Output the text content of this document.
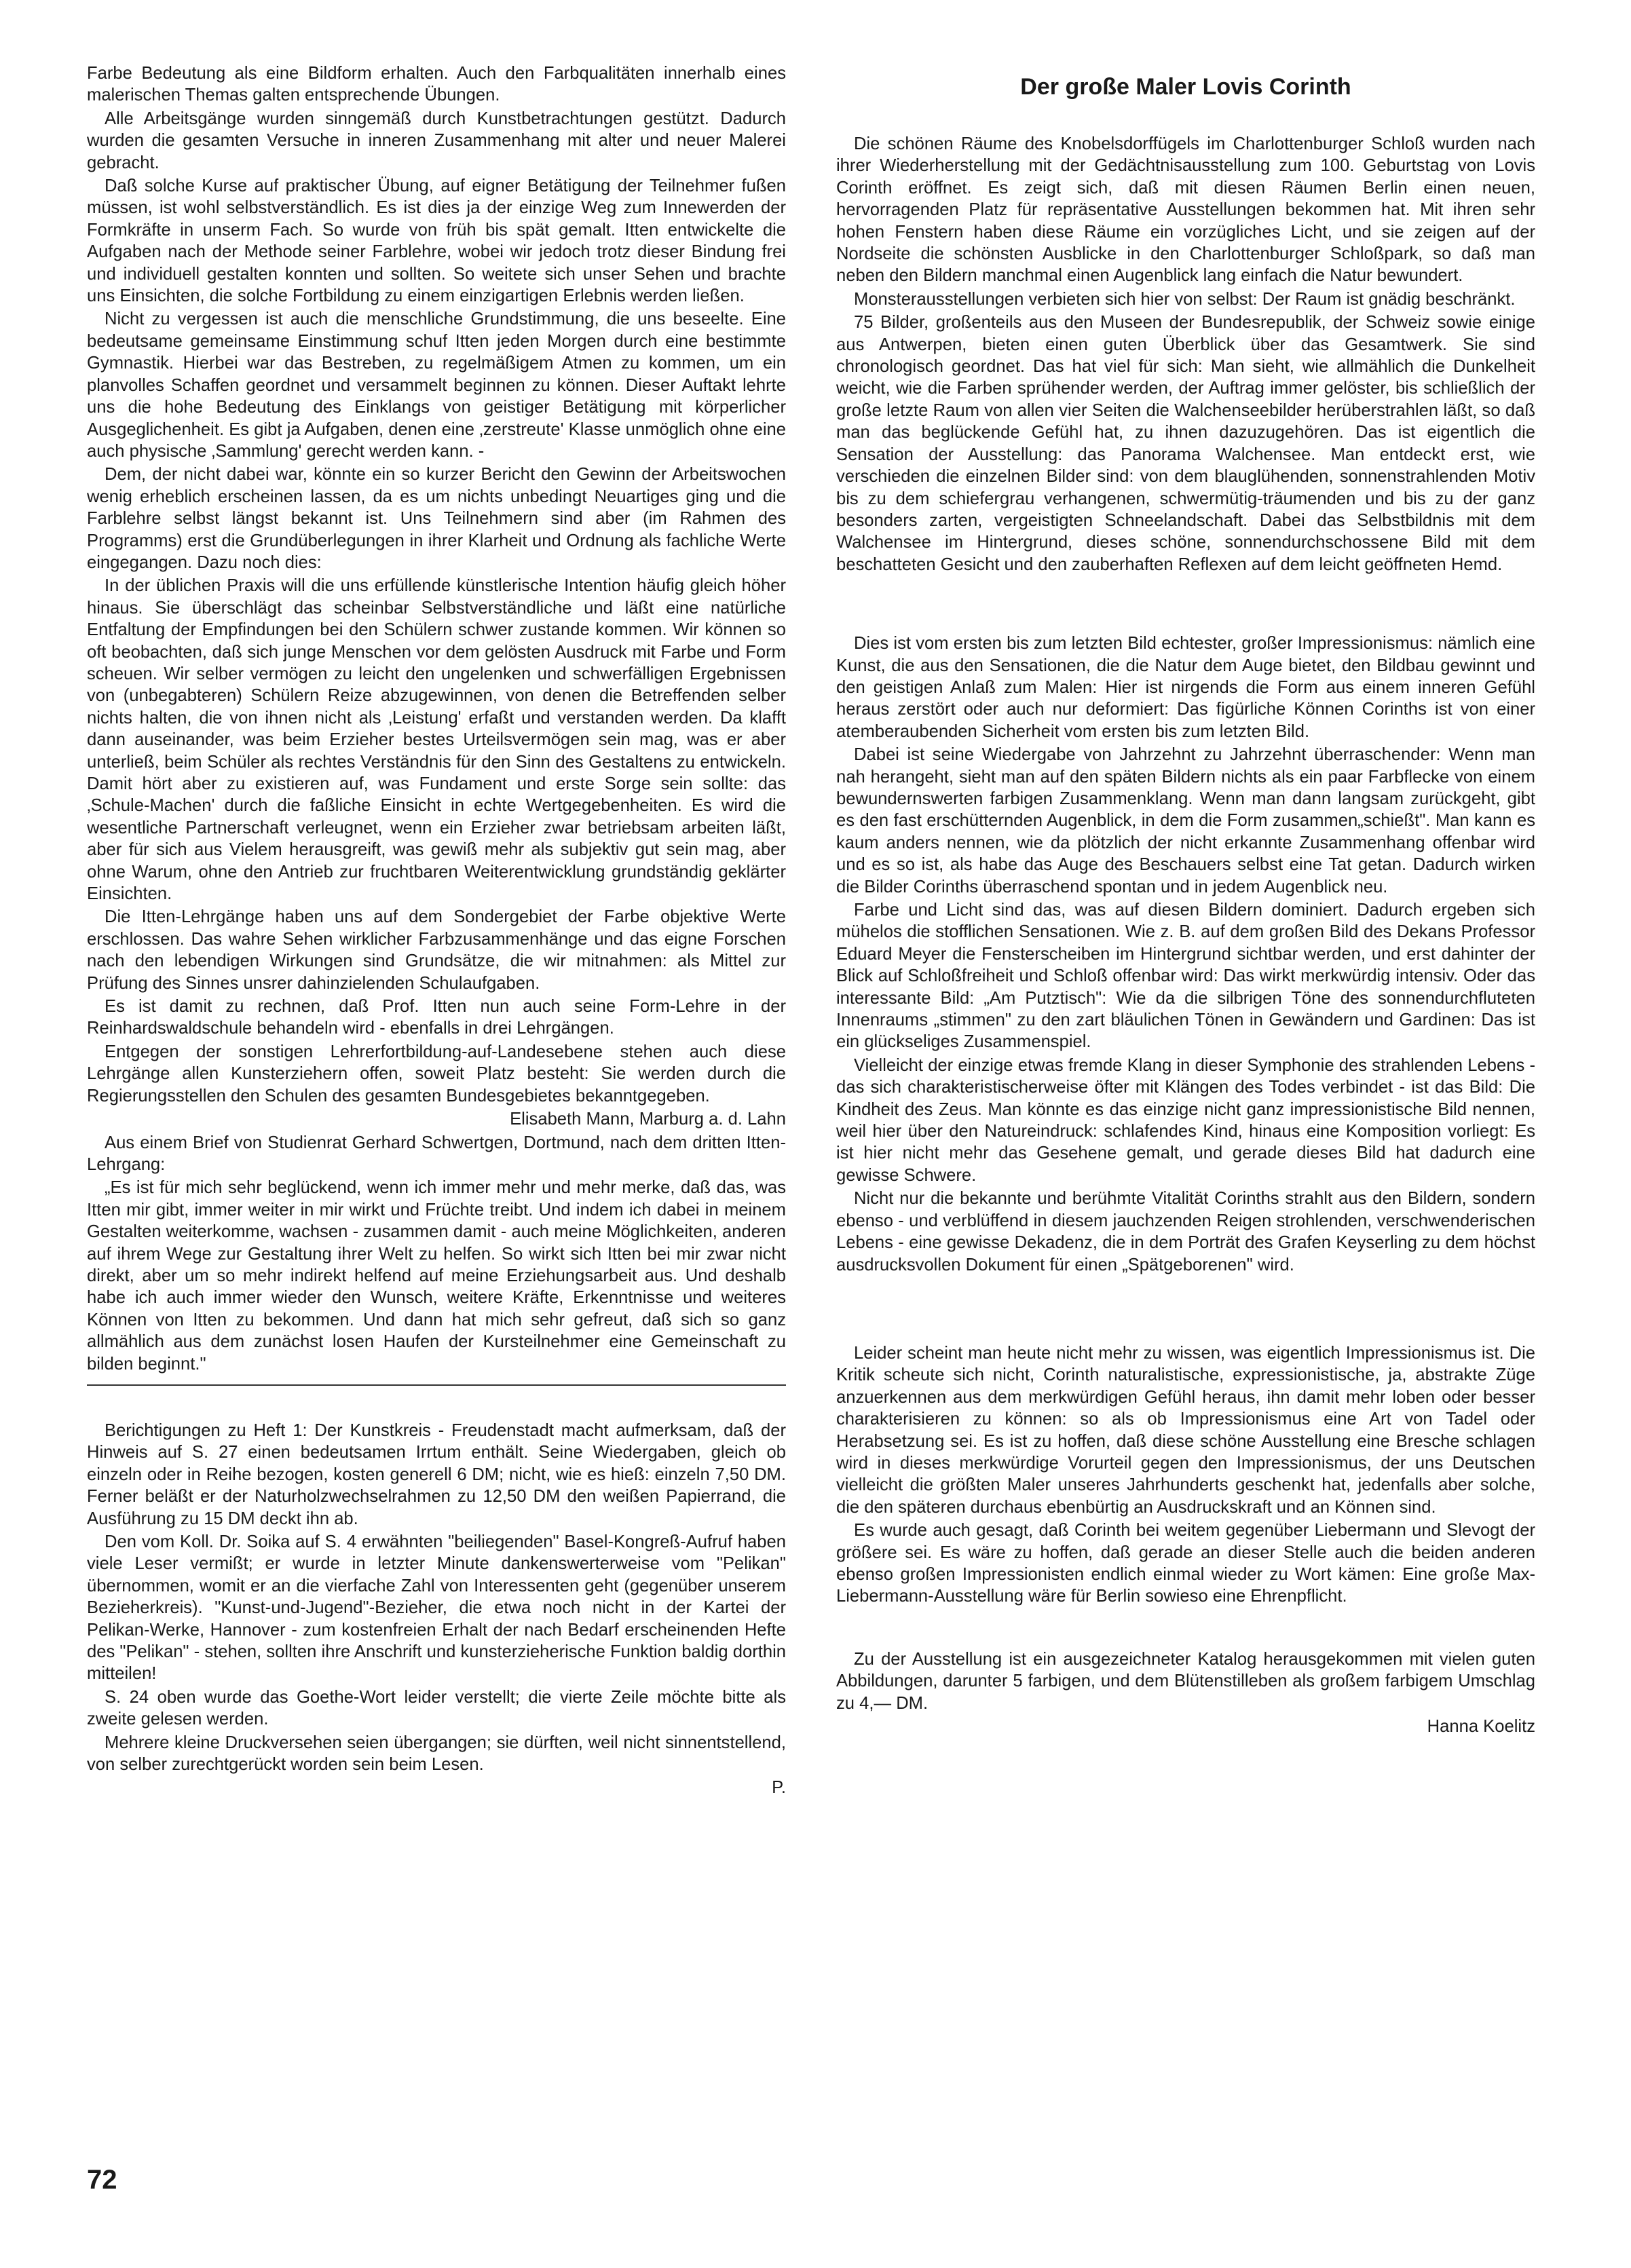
Farbe Bedeutung als eine Bildform erhalten. Auch den Farbqualitäten innerhalb eines malerischen Themas galten entsprechende Übungen.

Alle Arbeitsgänge wurden sinngemäß durch Kunstbetrachtungen gestützt. Dadurch wurden die gesamten Versuche in inneren Zusammenhang mit alter und neuer Malerei gebracht.

Daß solche Kurse auf praktischer Übung, auf eigner Betätigung der Teilnehmer fußen müssen, ist wohl selbstverständlich. Es ist dies ja der einzige Weg zum Innewerden der Formkräfte in unserm Fach. So wurde von früh bis spät gemalt. Itten entwickelte die Aufgaben nach der Methode seiner Farblehre, wobei wir jedoch trotz dieser Bindung frei und individuell gestalten konnten und sollten. So weitete sich unser Sehen und brachte uns Einsichten, die solche Fortbildung zu einem einzigartigen Erlebnis werden ließen.

Nicht zu vergessen ist auch die menschliche Grundstimmung, die uns beseelte. Eine bedeutsame gemeinsame Einstimmung schuf Itten jeden Morgen durch eine bestimmte Gymnastik. Hierbei war das Bestreben, zu regelmäßigem Atmen zu kommen, um ein planvolles Schaffen geordnet und versammelt beginnen zu können. Dieser Auftakt lehrte uns die hohe Bedeutung des Einklangs von geistiger Betätigung mit körperlicher Ausgeglichenheit. Es gibt ja Aufgaben, denen eine ‚zerstreute' Klasse unmöglich ohne eine auch physische ‚Sammlung' gerecht werden kann. -

Dem, der nicht dabei war, könnte ein so kurzer Bericht den Gewinn der Arbeitswochen wenig erheblich erscheinen lassen, da es um nichts unbedingt Neuartiges ging und die Farblehre selbst längst bekannt ist. Uns Teilnehmern sind aber (im Rahmen des Programms) erst die Grundüberlegungen in ihrer Klarheit und Ordnung als fachliche Werte eingegangen. Dazu noch dies:

In der üblichen Praxis will die uns erfüllende künstlerische Intention häufig gleich höher hinaus. Sie überschlägt das scheinbar Selbstverständliche und läßt eine natürliche Entfaltung der Empfindungen bei den Schülern schwer zustande kommen. Wir können so oft beobachten, daß sich junge Menschen vor dem gelösten Ausdruck mit Farbe und Form scheuen. Wir selber vermögen zu leicht den ungelenken und schwerfälligen Ergebnissen von (unbegabteren) Schülern Reize abzugewinnen, von denen die Betreffenden selber nichts halten, die von ihnen nicht als ‚Leistung' erfaßt und verstanden werden. Da klafft dann auseinander, was beim Erzieher bestes Urteilsvermögen sein mag, was er aber unterließ, beim Schüler als rechtes Verständnis für den Sinn des Gestaltens zu entwickeln. Damit hört aber zu existieren auf, was Fundament und erste Sorge sein sollte: das ‚Schule-Machen' durch die faßliche Einsicht in echte Wertgegebenheiten. Es wird die wesentliche Partnerschaft verleugnet, wenn ein Erzieher zwar betriebsam arbeiten läßt, aber für sich aus Vielem herausgreift, was gewiß mehr als subjektiv gut sein mag, aber ohne Warum, ohne den Antrieb zur fruchtbaren Weiterentwicklung grundständig geklärter Einsichten.

Die Itten-Lehrgänge haben uns auf dem Sondergebiet der Farbe objektive Werte erschlossen. Das wahre Sehen wirklicher Farbzusammenhänge und das eigne Forschen nach den lebendigen Wirkungen sind Grundsätze, die wir mitnahmen: als Mittel zur Prüfung des Sinnes unsrer dahinzielenden Schulaufgaben.

Es ist damit zu rechnen, daß Prof. Itten nun auch seine Form-Lehre in der Reinhardswaldschule behandeln wird - ebenfalls in drei Lehrgängen.

Entgegen der sonstigen Lehrerfortbildung-auf-Landesebene stehen auch diese Lehrgänge allen Kunsterziehern offen, soweit Platz besteht: Sie werden durch die Regierungsstellen den Schulen des gesamten Bundesgebietes bekanntgegeben.

Elisabeth Mann, Marburg a. d. Lahn

Aus einem Brief von Studienrat Gerhard Schwertgen, Dortmund, nach dem dritten Itten-Lehrgang:

„Es ist für mich sehr beglückend, wenn ich immer mehr und mehr merke, daß das, was Itten mir gibt, immer weiter in mir wirkt und Früchte treibt. Und indem ich dabei in meinem Gestalten weiterkomme, wachsen - zusammen damit - auch meine Möglichkeiten, anderen auf ihrem Wege zur Gestaltung ihrer Welt zu helfen. So wirkt sich Itten bei mir zwar nicht direkt, aber um so mehr indirekt helfend auf meine Erziehungsarbeit aus. Und deshalb habe ich auch immer wieder den Wunsch, weitere Kräfte, Erkenntnisse und weiteres Können von Itten zu bekommen. Und dann hat mich sehr gefreut, daß sich so ganz allmählich aus dem zunächst losen Haufen der Kursteilnehmer eine Gemeinschaft zu bilden beginnt."

Berichtigungen zu Heft 1: Der Kunstkreis - Freudenstadt macht aufmerksam, daß der Hinweis auf S. 27 einen bedeutsamen Irrtum enthält. Seine Wiedergaben, gleich ob einzeln oder in Reihe bezogen, kosten generell 6 DM; nicht, wie es hieß: einzeln 7,50 DM. Ferner beläßt er der Naturholzwechselrahmen zu 12,50 DM den weißen Papierrand, die Ausführung zu 15 DM deckt ihn ab.

Den vom Koll. Dr. Soika auf S. 4 erwähnten "beiliegenden" Basel-Kongreß-Aufruf haben viele Leser vermißt; er wurde in letzter Minute dankenswerterweise vom "Pelikan" übernommen, womit er an die vierfache Zahl von Interessenten geht (gegenüber unserem Bezieherkreis). "Kunst-und-Jugend"-Bezieher, die etwa noch nicht in der Kartei der Pelikan-Werke, Hannover - zum kostenfreien Erhalt der nach Bedarf erscheinenden Hefte des "Pelikan" - stehen, sollten ihre Anschrift und kunsterzieherische Funktion baldig dorthin mitteilen!

S. 24 oben wurde das Goethe-Wort leider verstellt; die vierte Zeile möchte bitte als zweite gelesen werden.

Mehrere kleine Druckversehen seien übergangen; sie dürften, weil nicht sinnentstellend, von selber zurechtgerückt worden sein beim Lesen.

P.

Der große Maler Lovis Corinth

Die schönen Räume des Knobelsdorffügels im Charlottenburger Schloß wurden nach ihrer Wiederherstellung mit der Gedächtnisausstellung zum 100. Geburtstag von Lovis Corinth eröffnet. Es zeigt sich, daß mit diesen Räumen Berlin einen neuen, hervorragenden Platz für repräsentative Ausstellungen bekommen hat. Mit ihren sehr hohen Fenstern haben diese Räume ein vorzügliches Licht, und sie zeigen auf der Nordseite die schönsten Ausblicke in den Charlottenburger Schloßpark, so daß man neben den Bildern manchmal einen Augenblick lang einfach die Natur bewundert.

Monsterausstellungen verbieten sich hier von selbst: Der Raum ist gnädig beschränkt.

75 Bilder, großenteils aus den Museen der Bundesrepublik, der Schweiz sowie einige aus Antwerpen, bieten einen guten Überblick über das Gesamtwerk. Sie sind chronologisch geordnet. Das hat viel für sich: Man sieht, wie allmählich die Dunkelheit weicht, wie die Farben sprühender werden, der Auftrag immer gelöster, bis schließlich der große letzte Raum von allen vier Seiten die Walchenseebilder herüberstrahlen läßt, so daß man das beglückende Gefühl hat, zu ihnen dazuzugehören. Das ist eigentlich die Sensation der Ausstellung: das Panorama Walchensee. Man entdeckt erst, wie verschieden die einzelnen Bilder sind: von dem blauglühenden, sonnenstrahlenden Motiv bis zu dem schiefergrau verhangenen, schwermütig-träumenden und bis zu der ganz besonders zarten, vergeistigten Schneelandschaft. Dabei das Selbstbildnis mit dem Walchensee im Hintergrund, dieses schöne, sonnendurchschossene Bild mit dem beschatteten Gesicht und den zauberhaften Reflexen auf dem leicht geöffneten Hemd.

Dies ist vom ersten bis zum letzten Bild echtester, großer Impressionismus: nämlich eine Kunst, die aus den Sensationen, die die Natur dem Auge bietet, den Bildbau gewinnt und den geistigen Anlaß zum Malen: Hier ist nirgends die Form aus einem inneren Gefühl heraus zerstört oder auch nur deformiert: Das figürliche Können Corinths ist von einer atemberaubenden Sicherheit vom ersten bis zum letzten Bild.

Dabei ist seine Wiedergabe von Jahrzehnt zu Jahrzehnt überraschender: Wenn man nah herangeht, sieht man auf den späten Bildern nichts als ein paar Farbflecke von einem bewundernswerten farbigen Zusammenklang. Wenn man dann langsam zurückgeht, gibt es den fast erschütternden Augenblick, in dem die Form zusammen„schießt". Man kann es kaum anders nennen, wie da plötzlich der nicht erkannte Zusammenhang offenbar wird und es so ist, als habe das Auge des Beschauers selbst eine Tat getan. Dadurch wirken die Bilder Corinths überraschend spontan und in jedem Augenblick neu.

Farbe und Licht sind das, was auf diesen Bildern dominiert. Dadurch ergeben sich mühelos die stofflichen Sensationen. Wie z. B. auf dem großen Bild des Dekans Professor Eduard Meyer die Fensterscheiben im Hintergrund sichtbar werden, und erst dahinter der Blick auf Schloßfreiheit und Schloß offenbar wird: Das wirkt merkwürdig intensiv. Oder das interessante Bild: „Am Putztisch": Wie da die silbrigen Töne des sonnendurchfluteten Innenraums „stimmen" zu den zart bläulichen Tönen in Gewändern und Gardinen: Das ist ein glückseliges Zusammenspiel.

Vielleicht der einzige etwas fremde Klang in dieser Symphonie des strahlenden Lebens - das sich charakteristischerweise öfter mit Klängen des Todes verbindet - ist das Bild: Die Kindheit des Zeus. Man könnte es das einzige nicht ganz impressionistische Bild nennen, weil hier über den Natureindruck: schlafendes Kind, hinaus eine Komposition vorliegt: Es ist hier nicht mehr das Gesehene gemalt, und gerade dieses Bild hat dadurch eine gewisse Schwere.

Nicht nur die bekannte und berühmte Vitalität Corinths strahlt aus den Bildern, sondern ebenso - und verblüffend in diesem jauchzenden Reigen strohlenden, verschwenderischen Lebens - eine gewisse Dekadenz, die in dem Porträt des Grafen Keyserling zu dem höchst ausdrucksvollen Dokument für einen „Spätgeborenen" wird.

Leider scheint man heute nicht mehr zu wissen, was eigentlich Impressionismus ist. Die Kritik scheute sich nicht, Corinth naturalistische, expressionistische, ja, abstrakte Züge anzuerkennen aus dem merkwürdigen Gefühl heraus, ihn damit mehr loben oder besser charakterisieren zu können: so als ob Impressionismus eine Art von Tadel oder Herabsetzung sei. Es ist zu hoffen, daß diese schöne Ausstellung eine Bresche schlagen wird in dieses merkwürdige Vorurteil gegen den Impressionismus, der uns Deutschen vielleicht die größten Maler unseres Jahrhunderts geschenkt hat, jedenfalls aber solche, die den späteren durchaus ebenbürtig an Ausdruckskraft und an Können sind.

Es wurde auch gesagt, daß Corinth bei weitem gegenüber Liebermann und Slevogt der größere sei. Es wäre zu hoffen, daß gerade an dieser Stelle auch die beiden anderen ebenso großen Impressionisten endlich einmal wieder zu Wort kämen: Eine große Max-Liebermann-Ausstellung wäre für Berlin sowieso eine Ehrenpflicht.

Zu der Ausstellung ist ein ausgezeichneter Katalog herausgekommen mit vielen guten Abbildungen, darunter 5 farbigen, und dem Blütenstilleben als großem farbigem Umschlag zu 4,— DM.

Hanna Koelitz

72
